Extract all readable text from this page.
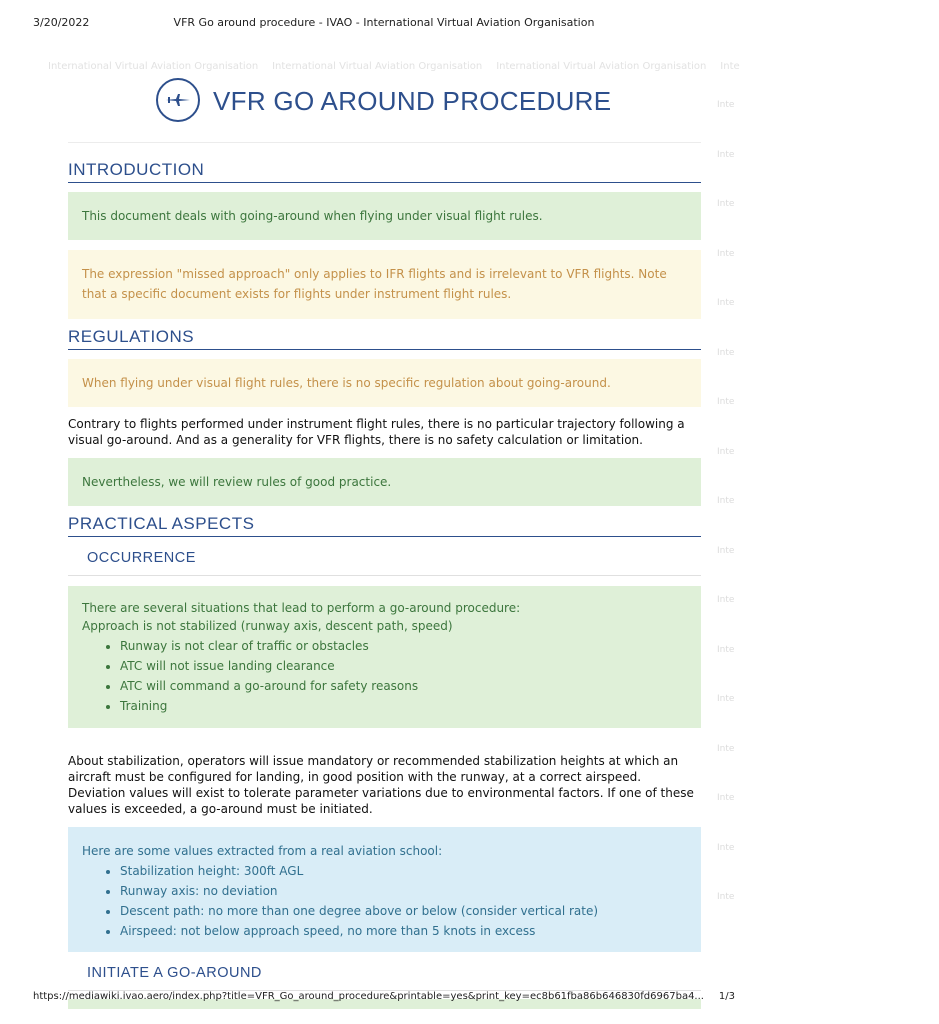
3/20/2022	VFR Go around procedure - IVAO - International Virtual Aviation Organisation
International Virtual Aviation Organisation International Virtual Aviation Organisation International Virtual Aviation Organisation Inte
Inte
Inte
Inte
Inte
Inte
Inte
Inte
Inte
Inte
Inte
Inte
Inte
Inte
Inte
Inte
Inte
Inte
VFR GO AROUND PROCEDURE
INTRODUCTION
This document deals with going-around when flying under visual flight rules.
The expression "missed approach" only applies to IFR flights and is irrelevant to VFR flights. Note that a specific document exists for flights under instrument flight rules.
REGULATIONS
When flying under visual flight rules, there is no specific regulation about going-around.
Contrary to flights performed under instrument flight rules, there is no particular trajectory following a visual go-around. And as a generality for VFR flights, there is no safety calculation or limitation.
Nevertheless, we will review rules of good practice.
PRACTICAL ASPECTS
OCCURRENCE
There are several situations that lead to perform a go-around procedure:
Approach is not stabilized (runway axis, descent path, speed)
• Runway is not clear of traffic or obstacles
• ATC will not issue landing clearance
• ATC will command a go-around for safety reasons
• Training
About stabilization, operators will issue mandatory or recommended stabilization heights at which an aircraft must be configured for landing, in good position with the runway, at a correct airspeed. Deviation values will exist to tolerate parameter variations due to environmental factors. If one of these values is exceeded, a go-around must be initiated.
Here are some values extracted from a real aviation school:
• Stabilization height: 300ft AGL
• Runway axis: no deviation
• Descent path: no more than one degree above or below (consider vertical rate)
• Airspeed: not below approach speed, no more than 5 knots in excess
INITIATE A GO-AROUND
https://mediawiki.ivao.aero/index.php?title=VFR_Go_around_procedure&printable=yes&print_key=ec8b61fba86b646830fd6967ba4... 1/3
